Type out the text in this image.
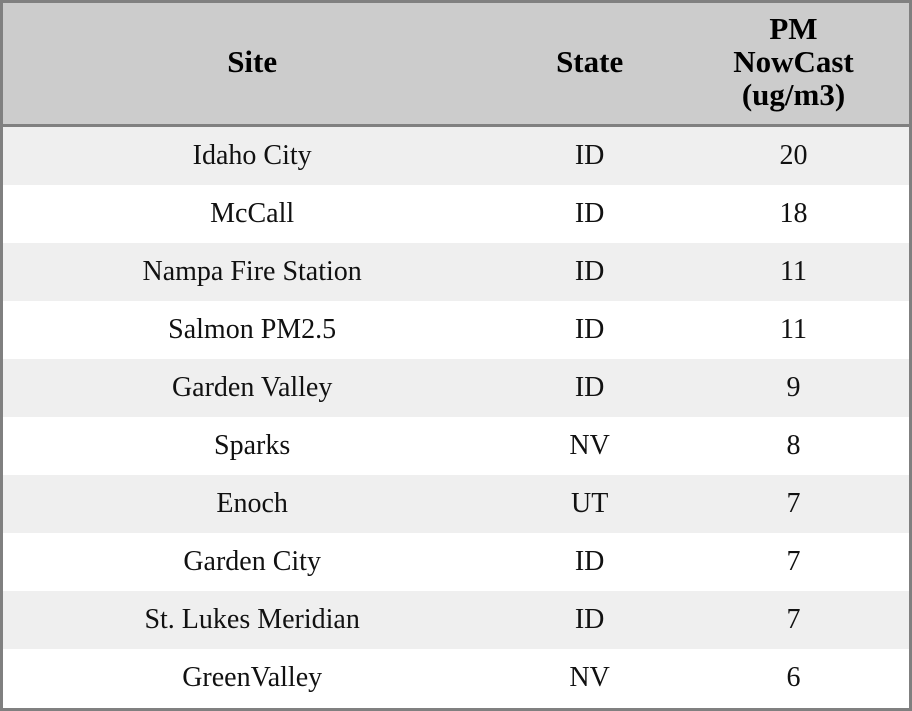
Site	State	PM
NowCast
(ug/m3)
Idaho City	ID	20
McCall	ID	18
Nampa Fire Station	ID	11
Salmon PM2.5	ID	11
Garden Valley	ID	9
Sparks	NV	8
Enoch	UT	7
Garden City	ID	7
St. Lukes Meridian	ID	7
GreenValley	NV	6
